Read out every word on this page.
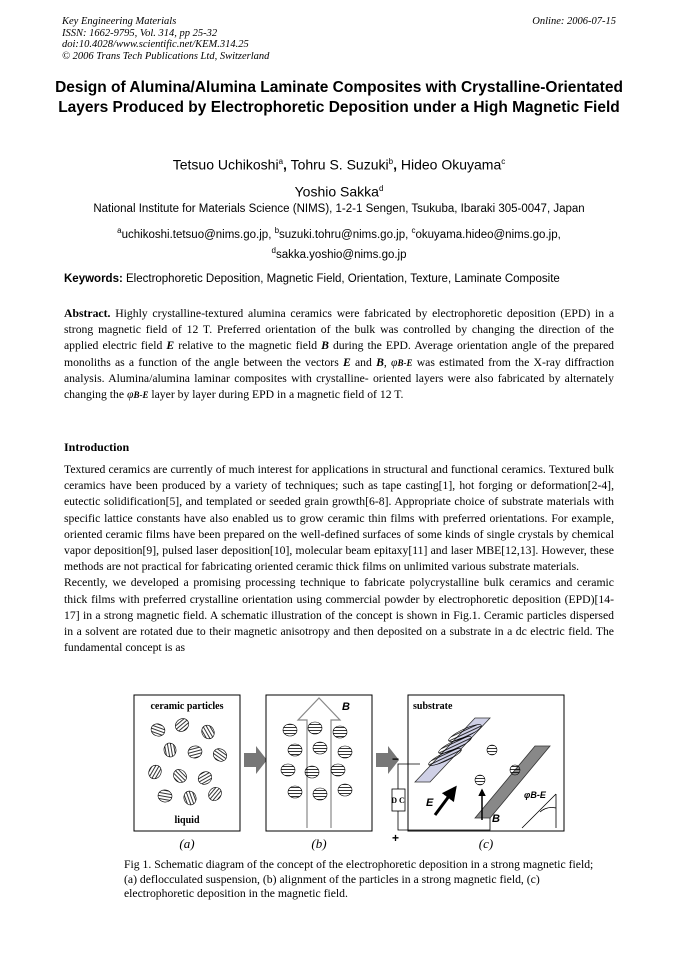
Key Engineering Materials
ISSN: 1662-9795, Vol. 314, pp 25-32
doi:10.4028/www.scientific.net/KEM.314.25
© 2006 Trans Tech Publications Ltd, Switzerland
Online: 2006-07-15
Design of Alumina/Alumina Laminate Composites with Crystalline-Orientated Layers Produced by Electrophoretic Deposition under a High Magnetic Field
Tetsuo Uchikoshi$^a$, Tohru S. Suzuki$^b$, Hideo Okuyama$^c$
Yoshio Sakka$^d$
National Institute for Materials Science (NIMS), 1-2-1 Sengen, Tsukuba, Ibaraki 305-0047, Japan
$^a$uchikoshi.tetsuo@nims.go.jp, $^b$suzuki.tohru@nims.go.jp, $^c$okuyama.hideo@nims.go.jp,
$^d$sakka.yoshio@nims.go.jp
Keywords: Electrophoretic Deposition, Magnetic Field, Orientation, Texture, Laminate Composite
Abstract. Highly crystalline-textured alumina ceramics were fabricated by electrophoretic deposition (EPD) in a strong magnetic field of 12 T. Preferred orientation of the bulk was controlled by changing the direction of the applied electric field E relative to the magnetic field B during the EPD. Average orientation angle of the prepared monoliths as a function of the angle between the vectors E and B, φB-E was estimated from the X-ray diffraction analysis. Alumina/alumina laminar composites with crystalline- oriented layers were also fabricated by alternately changing the φB-E layer by layer during EPD in a magnetic field of 12 T.
Introduction

Textured ceramics are currently of much interest for applications in structural and functional ceramics. Textured bulk ceramics have been produced by a variety of techniques; such as tape casting[1], hot forging or deformation[2-4], eutectic solidification[5], and templated or seeded grain growth[6-8]. Appropriate choice of substrate materials with specific lattice constants have also enabled us to grow ceramic thin films with preferred orientations. For example, oriented ceramic films have been prepared on the well-defined surfaces of some kinds of single crystals by chemical vapor deposition[9], pulsed laser deposition[10], molecular beam epitaxy[11] and laser MBE[12,13]. However, these methods are not practical for fabricating oriented ceramic thick films on unlimited various substrate materials.

Recently, we developed a promising processing technique to fabricate polycrystalline bulk ceramics and ceramic thick films with preferred crystalline orientation using commercial powder by electrophoretic deposition (EPD)[14-17] in a strong magnetic field. A schematic illustration of the concept is shown in Fig.1. Ceramic particles dispersed in a solvent are rotated due to their magnetic anisotropy and then deposited on a substrate in a dc electric field. The fundamental concept is as

ceramic particles
liquid
B	substrate
E
B
φB-E
D C
−
+
(a)	(b)	(c)
Fig 1. Schematic diagram of the concept of the electrophoretic deposition in a strong magnetic field; (a) deflocculated suspension, (b) alignment of the particles in a strong magnetic field, (c) electrophoretic deposition in the magnetic field.
